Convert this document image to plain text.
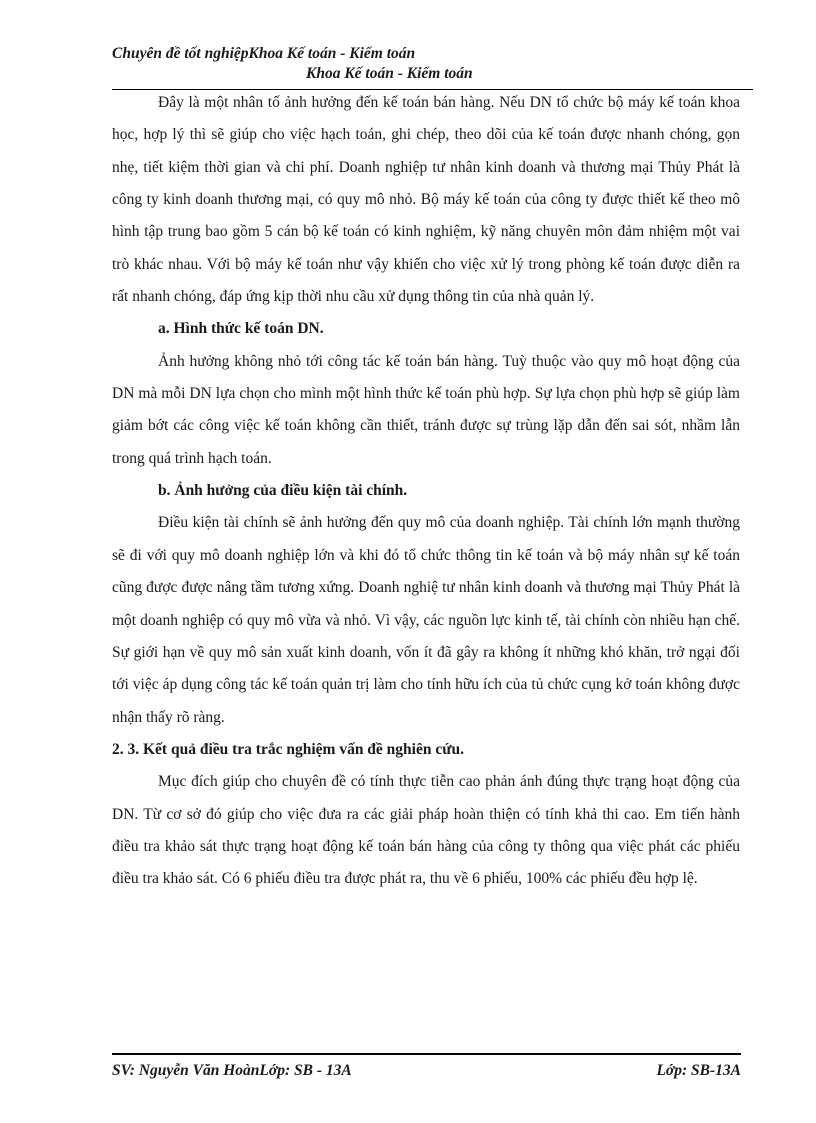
Chuyên đề tốt nghiệpKhoa Kế toán - Kiểm toán
Khoa Kế toán - Kiểm toán

Đây là một nhân tố ảnh hưởng đến kế toán bán hàng. Nếu DN tổ chức bộ máy kế toán khoa học, hợp lý thì sẽ giúp cho việc hạch toán, ghi chép, theo dõi của kế toán được nhanh chóng, gọn nhẹ, tiết kiệm thời gian và chi phí. Doanh nghiệp tư nhân kinh doanh và thương mại Thủy Phát là công ty kinh doanh thương mại, có quy mô nhỏ. Bộ máy kế toán của công ty được thiết kế theo mô hình tập trung bao gồm 5 cán bộ kế toán có kinh nghiệm, kỹ năng chuyên môn đảm nhiệm một vai trò khác nhau. Với bộ máy kế toán như vậy khiến cho việc xử lý trong phòng kế toán được diễn ra rất nhanh chóng, đáp ứng kịp thời nhu cầu xử dụng thông tin của nhà quản lý.

a. Hình thức kế toán DN.

Ảnh hưởng không nhỏ tới công tác kế toán bán hàng. Tuỳ thuộc vào quy mô hoạt động của DN mà mỗi DN lựa chọn cho mình một hình thức kế toán phù hợp. Sự lựa chọn phù hợp sẽ giúp làm giảm bớt các công việc kế toán không cần thiết, tránh được sự trùng lặp dẫn đến sai sót, nhầm lẫn trong quá trình hạch toán.

b. Ảnh hưởng của điều kiện tài chính.

Điều kiện tài chính sẽ ảnh hưởng đến quy mô của doanh nghiệp. Tài chính lớn mạnh thường sẽ đi với quy mô doanh nghiệp lớn và khi đó tổ chức thông tin kế toán và bộ máy nhân sự kế toán cũng được được nâng tầm tương xứng. Doanh nghiệ tư nhân kinh doanh và thương mại Thủy Phát là một doanh nghiệp có quy mô vừa và nhỏ. Vì vậy, các nguồn lực kinh tế, tài chính còn nhiều hạn chế. Sự giới hạn về quy mô sản xuất kinh doanh, vốn ít đã gây ra không ít những khó khăn, trở ngại đối tới việc áp dụng công tác kế toán quản trị làm cho tính hữu ích của tủ chức cụng kở toán không được nhận thấy rõ ràng.

2. 3. Kết quả điều tra trắc nghiệm vấn đề nghiên cứu.

Mục đích giúp cho chuyên đề có tính thực tiễn cao phản ánh đúng thực trạng hoạt động của DN. Từ cơ sở đó giúp cho việc đưa ra các giải pháp hoàn thiện có tính khả thi cao. Em tiến hành điều tra khảo sát thực trạng hoạt động kế toán bán hàng của công ty thông qua việc phát các phiếu điều tra khảo sát. Có 6 phiếu điều tra được phát ra, thu về 6 phiếu, 100% các phiếu đều hợp lệ.

SV: Nguyễn Văn HoànLớp: SB - 13A	Lớp: SB-13A
